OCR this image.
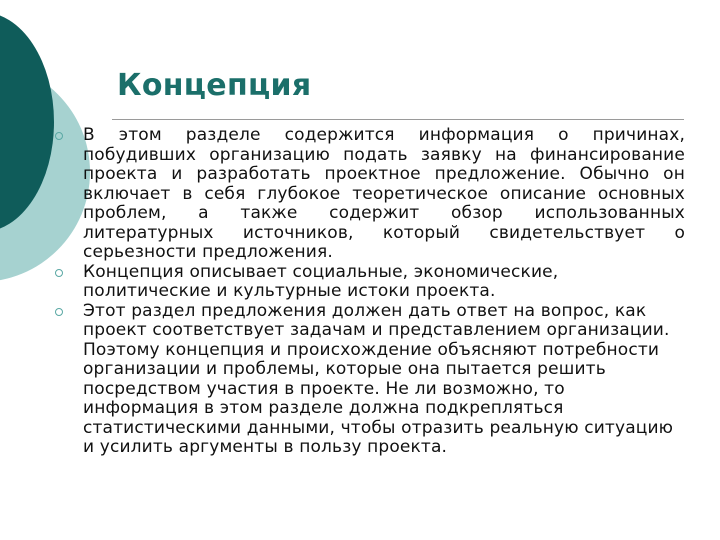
Концепция
В этом разделе содержится информация о причинах, побудивших организацию подать заявку на финансирование проекта и разработать проектное предложение. Обычно он включает в себя глубокое теоретическое описание основных проблем, а также содержит обзор использованных литературных источников, который свидетельствует о серьезности предложения.
Концепция описывает социальные, экономические, политические и культурные истоки проекта.
Этот раздел предложения должен дать ответ на вопрос, как проект соответствует задачам и представлением организации. Поэтому концепция и происхождение объясняют потребности организации и проблемы, которые она пытается решить посредством участия в проекте. Не ли возможно, то информация в этом разделе должна подкрепляться статистическими данными, чтобы отразить реальную ситуацию и усилить аргументы в пользу проекта.
